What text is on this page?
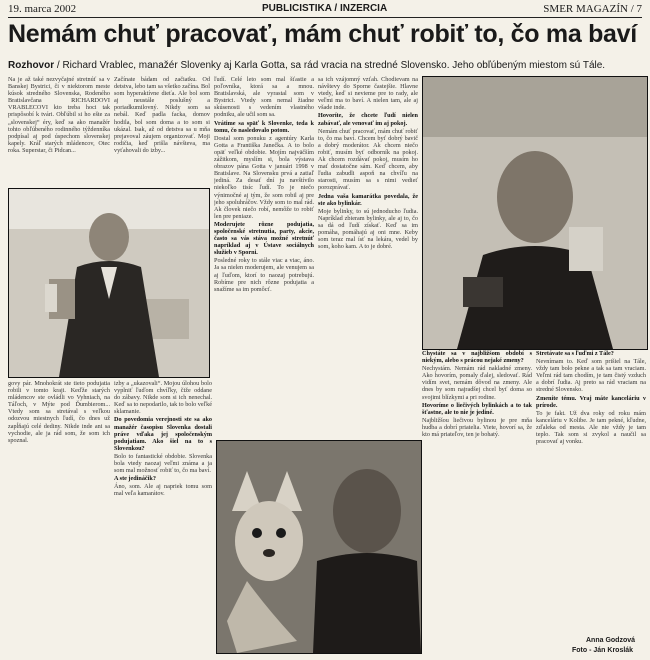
19. marca 2002	PUBLICISTIKA / INZERCIA	SMER MAGAZÍN / 7
Nemám chuť pracovať, mám chuť robiť to, čo ma baví
Rozhovor / Richard Vrablec, manažér Slovenky aj Karla Gotta, sa rád vracia na stredné Slovensko. Jeho obľúbeným miestom sú Tále.

Na je až také nezvyčajné stretnúť sa v Banskej Bystrici, či v niektorom meste kúsok stredného Slovenska, Rodeného Bratislavčana RICHARDOVI VRABLECOVI kto treba hoci tak prispôsobí k tvári. Obľúbil si ho ešte za „slovenskej“ éry, keď sa ako manažér tohto obľúbeného rodinného týždenníka podpísal aj pod úspechom slovenskej kapely. Kráľ starých mládencov, Otec roka. Superstar, či Pidcan...

Začínate bádam od začiatku. Od detstva, lebo tam sa všetko začína. Bol som hyperaktívne dieťa. Ale bol som aj neustále poslušný a poriadkumilovný. Nikdy som sa nebál. Keď padla facka, domov hodila, bol som doma a to som si ukázal. Isak, až od detstva sa u mňa prejavoval záujem organizovať. Moji rodičia, keď prišla návšteva, ma vyťahovali do izby...

ľudí. Celé leto som mal šťastie a poľovníka, ktorá sa a mnou. Bratislavská, ale vyrastal som v Bystrici. Vtedy som nemal žiadne skúsenosti s vedením vlastného podniku, ale učil som sa.

Vrátime sa späť k Slovenke, teda k tomu, čo nasledovalo potom.

Dostal som ponuku z agentúry Karla Gotta a Františka Janečka. A to bolo opäť veľké obdobie. Mojím najväčším zážitkom, myslím si, bola výstava obrazov pána Gotta v januári 1998 v Bratislave. Na Slovensku prvá a zatiaľ jediná. Za desať dní ju navštívilo niekoľko tisíc ľudí. To je niečo výnimočné aj tým, že som robil aj pre jeho spoluhráčov. Vždy som to mal rád. Ak človek niečo robí, nemôže to robiť len pre peniaze.

Moderujete rôzne podujatia, spoločenské stretnutia, party, akcie, často sa vás stáva možné stretnúť napríklad aj v Ústave sociálnych služieb v Sporni.

Posledné roky to stále viac a viac, áno. Ja sa nielen moderujem, ale venujem sa aj ľuďom, ktorí to naozaj potrebujú. Robíme pre nich rôzne podujatia a snažíme sa im pomôcť.

sa ich vzájomný vzťah. Chodievam na návštevy do Sporne častejšie. Hlavne vtedy, keď si nevieme pre to rady, ale veľmi ma to baví. A nielen tam, ale aj všade inde.

Hovoríte, že chcete ľudí nielen zabávať, ale venovať im aj pokoj.

Nemám chuť pracovať, mám chuť robiť to, čo ma baví. Chcem byť dobrý bavič a dobrý moderátor. Ak chcem niečo robiť, musím byť odborník na pokoj. Ak chcem rozdávať pokoj, musím ho mať dostatočne sám. Keď chcem, aby ľudia zabudli aspoň na chvíľu na starosti, musím sa s nimi vedieť porozprávať.

Jedna vaša kamarátka povedala, že ste ako bylinkár.

Moje bylinky, to sú jednoducho ľudia. Napríklad zbieram bylinky, ale aj to, čo sa dá od ľudí získať. Keď sa im pomáha, pomáhajú aj oni mne. Keby som teraz mal ísť na lekára, vedel by som, koho kam. A to je dobré.

Chystáte sa v najbližšom období s niekým, alebo s prácou nejaké zmeny?

Nechystám. Nemám rád nakladné zmeny. Ako hovorím, pomaly ďalej, sledovať. Rád vidím svet, nemám dôvod na zmeny. Ale dnes by som najradšej chcel byť doma so svojimi blízkymi a pri rodine.

Hovoríme o liečivých bylinkách a to tak šťastne, ale to nie je jediné.

Najbližšou liečivou bylinou je pre mňa hudba a dobrí priatelia. Viete, hovorí sa, že kto má priateľov, ten je bohatý.

Stretávate sa s ľuďmi z Tále?

Nevnímam to. Keď som prišiel na Tále, vždy tam bolo pekne a tak sa tam vraciam. Veľmi rád tam chodím, je tam čistý vzduch a dobrí ľudia. Aj preto sa rád vraciam na stredné Slovensko.

Zmeníte tému. Vraj máte kanceláriu v prírode.

To je fakt. Už dva roky od roku mám kanceláriu v Kolibe. Je tam pekné, kľudne, zďaleka od mesta. Ale nie vždy je tam teplo. Tak som si zvykol a naučil sa pracovať aj vonku.

govy pár. Mnohokrát ste tieto podujatia robili v tomto kraji. Keďže starých mládencov ste ovládli vo Vyhniach, na Táľoch, v Mýte pod Ďumbierom... Vtedy som sa stretával s veľkou odozvou miestnych ľudí, čo dnes už zapĺňajú celé dediny. Nikde inde ani sa vychodie, ale ja rád som, že som ich spoznal.

izby a „ukazovali“. Mojou úlohou bolo vyplniť ľuďom chvíľky, čiže oddane do zábavy. Nikde som si ich nenechal. Keď sa to nepodarilo, tak to bolo veľké sklamanie.

Do povedomia verejnosti ste sa ako manažér časopisu Slovenka dostali práve vďaka jej spoločenským podujatiam. Ako šiel na to s Slovenkou?

Bolo to fantastické obdobie. Slovenka bola vtedy naozaj veľmi známa a ja som mal možnosť robiť to, čo ma baví.

A ste jedináčik?

Áno, som. Ale aj napriek tomu som mal veľa kamarátov.

Anna Godzová
Foto - Ján Kroslák
